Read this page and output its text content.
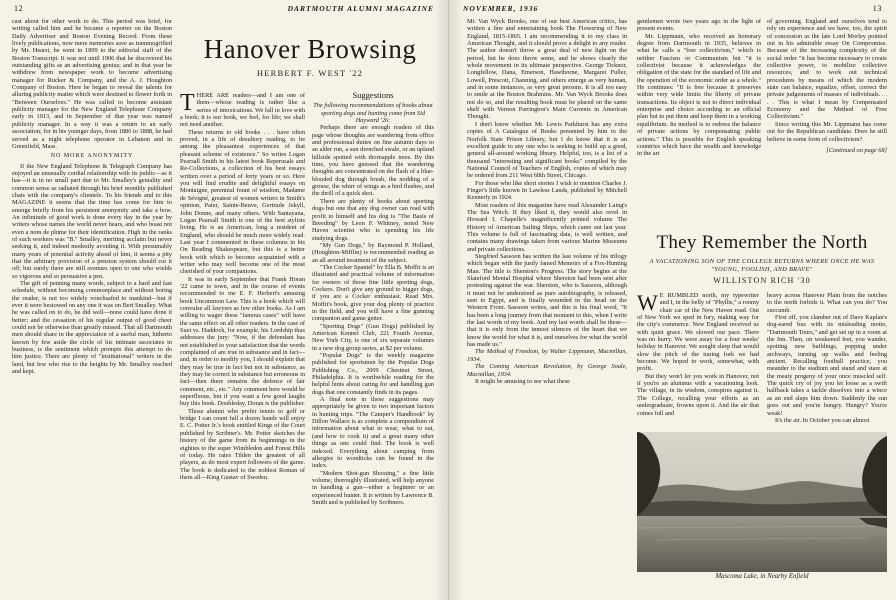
12	DARTMOUTH ALUMNI MAGAZINE

cast about for other work to do. This period was brief, for writing called him and he became a reporter on the Boston Daily Advertiser and Boston Evening Record. From these lively publications, now mere memories save as trammogrified by Mr. Hearst, he went in 1899 to the editorial staff of the Boston Transcript. It was not until 1906 that he discovered his outstanding gifts as an advertising genius; and in that year he withdrew from newspaper work to become advertising manager for Rucker & Company, and the A. J. Houghton Company of Boston. Here he began to reveal the talents for alluring publicity matter which were destined to flower forth in "Between Ourselves." He was called to become assistant publicity manager for the New England Telephone Company early in 1913, and in September of that year was named publicity manager. In a way it was a return to an early association; for in his younger days, from 1886 to 1888, he had served as a night telephone operator in Lebanon and in Greenfield, Mass.

NO MORE ANONYMITY

If the New England Telephone & Telegraph Company has enjoyed an unusually cordial relationship with its public—as it has—it is in no small part due to Mr. Smalley's geniality and common sense as radiated through his brief monthly published chats with the company's clientele. To his friends and to this MAGAZINE it seems that the time has come for him to emerge briefly from his persistent anonymity and take a bow. An infinitude of good work is done every day in the year by writers whose names the world never hears, and who boast not even a nom de plume for their identification. High in the ranks of such workers was "B." Smalley, meriting acclaim but never seeking it, and indeed modestly avoiding it. With presumably many years of potential activity ahead of him, it seems a pity that the arbitrary provision of a pension system should cut it off; but surely there are still avenues open to one who wields so vigorous and so persuasive a pen.

The gift of penning many words, subject to a hard and fast schedule, without becoming commonplace and without boring the reader, is not too widely vouchsafed to mankind—but if ever it were bestowed on any one it was on Bert Smalley. What he was called on to do, he did well—none could have done it better; and the cessation of his regular output of good cheer could not be otherwise than greatly missed. That all Dartmouth men should share in the appreciation of a useful man, hitherto known by few aside the circle of his intimate associates in business, is the sentiment which prompts this attempt to do him justice. There are plenty of "institutional" writers in the land, but few who rise to the heights by Mr. Smalley reached and kept.

Hanover Browsing
HERBERT F. WEST '22

THERE ARE readers—and I am one of them—whose reading is rather like a series of intoxications. We fall in love with a book; it is our book, we feel, for life; we shall not need another.

These returns to old books . . . have often proved, in a life of desultory reading, to be among the pleasantest experiences of that pleasant scheme of existence." So writes Logan Pearsall Smith in his latest book Reperusals and Re-Collections, a collection of his best essays written over a period of forty years or so. Here you will find erudite and delightful essays on Montaigne, perennial fount of wisdom, Madame de Sévigné, greatest of women writers in Smith's opinion, Pater, Sainte-Beuve, Gertrude Jekyll, John Donne, and many others. With Santayana, Logan Pearsall Smith is one of the best stylists living. He is an American, long a resident of England, who should be much more widely read. Last year I commented in these columns in his On Reading Shakespeare, but this is a better book with which to become acquainted with a writer who may well become one of the most cherished of your companions.

It was in early September that Frank Horan '22 came to town, and in the course of events recommended to me E. F. Herbert's amusing book Uncommon Law. This is a book which will convulse all lawyers as few other books. As I am willing to wager these "famous cases" will have the same effect on all other readers. In the case of Suet vs. Haddock, for example, his Lordship thus addresses the jury: "Now, if the defendant has not established to your satisfaction that the words complained of are true in substance and in fact—and, in order to modify you, I should explain that they may be true in fact but not in substance, as they may be correct in substance but erroneous in fact—then there remains the defence of fair comment, etc., etc." Any comment here would be superfluous, but if you want a few good laughs buy this book. Doubleday, Doran is the publisher.

Those alumni who prefer tennis to golf or bridge I can count full a dozen hands will enjoy E. C. Potter Jr.'s book entitled Kings of the Court published by Scribner's. Mr. Potter sketches the history of the game from its beginnings in the eighties to the super Wimbledon and Forest Hills of today. He rates Tilden the greatest of all players, as do most expert followers of the game. The book is dedicated to the noblest Roman of them all—King Gustav of Sweden.

Suggestions

The following recommendations of books about sporting dogs and hunting come from Sid Hayward '26:

Perhaps there are enough readers of this page whose thoughts are wandering from office and professional duties on fine autumn days to an alder run, a sun drenched swale, or an upland hillside spotted with thornapple trees. By this time, you have guessed that the wandering thoughts are concentrated on the flash of a blue-blooded dog through brush, the nodding of a grouse, the whirr of wings as a bird flushes, and the thrill of a quick shot.

There are plenty of books about sporting dogs but one that any dog owner can read with profit to himself and his dog is "The Basis of Breeding" by Leon F. Whitney, noted New Haven scientist who is spending his life studying dogs.

"My Gun Dogs," by Raymond P. Holland, (Houghton-Mifflin) is recommended reading as an all around treatment of the subject.

"The Cocker Spaniel" by Ella B. Moffit is an illustrated and practical volume of information for owners of those fine little sporting dogs, Cockers. Don't give any ground to bigger dogs, if you are a Cocker enthusiast. Read Mrs. Moffit's book, give your dog plenty of practice in the field, and you will have a fine gunning companion and game getter.

"Sporting Dogs" (Gun Dogs) published by American Kennel Club, 221 Fourth Avenue, New York City, is one of six separate volumes in a new dog group series, at $2 per volume.

"Popular Dogs" is the weekly magazine published for sportsmen by the Popular Dogs Publishing Co., 2009 Chestnut Street, Philadelphia. It is worthwhile reading for the helpful hints about caring for and handling gun dogs that one constantly finds in its pages.

A final note in these suggestions may appropriately be given to two important factors in hunting trips. "The Camper's Handbook" by Dillon Wallace is as complete a compendium of information about what to wear, what to eat, (and how to cook it) and a great many other things as one could find. The book is well indexed. Everything about camping from allergies to woodticks can be found in the index.

"Modern Shot-gun Shooting," a fine little volume, thoroughly illustrated, will help anyone in handling a gun—either a beginner or an experienced hunter. It is written by Lawrence B. Smith and is published by Scribners.

NOVEMBER, 1936	13

Mr. Van Wyck Brooks, one of our best American critics, has written a fine and entertaining book The Flowering of New England, 1815-1865. I am recommending it to my class in American Thought, and it should prove a delight to any reader. The author doesn't throw a great deal of new light on the period, but he does throw some, and he shows clearly the whole movement in its ultimate perspective. George Ticknor, Longfellow, Dana, Emerson, Hawthorne, Margaret Fuller, Lowell, Prescott, Channing, and others emerge as very human, and in some instances, as very great persons. It is all too easy to smile at the Boston Brahmins. Mr. Van Wyck Brooks does not do so, and the resulting book must be placed on the same shelf with Vernon Parrington's Main Currents in American Thought.

I don't know whether Mr. Lewis Parkhurst has any extra copies of A Catalogue of Books presented by him to the Norfolk State Prison Library, but I do know that it is an excellent guide to any one who is seeking to build up a good, general all-around working library. Helpful, too, is a list of a thousand "interesting and significant books" compiled by the National Council of Teachers of English, copies of which may be ordered from 211 West 68th Street, Chicago.

For those who like short stories I wish to mention Charles J. Finger's little known In Lawless Lands, published by Mitchell Kennerly in 1924.

Most readers of this magazine have read Alexander Laing's The Sea Witch. If they liked it, they would also revel in Howard I. Chapelle's magnificently printed volume The History of American Sailing Ships, which came out last year. This volume is full of fascinating data, is well written, and contains many drawings taken from various Marine Museums and private collections.

Siegfried Sassoon has written the last volume of his trilogy which began with the justly famed Memoirs of a Fox-Hunting Man. The title is Sherston's Progress. The story begins at the Slateford Mental Hospital where Sherston had been sent after protesting against the war. Sherston, who is Sassoon, although it must not be understood as pure autobiography, is released, sent to Egypt, and is finally wounded in the head on the Western Front. Sassoon writes, and this is his final word, "It has been a long journey from that moment to this, when I write the last words of my book. And my last words shall be these—that it is only from the inmost silences of the heart that we know the world for what it is, and ourselves for what the world has made us."

The Method of Freedom, by Walter Lippmann, Macmillan, 1934.

The Coming American Revolution, by George Soule, Macmillan, 1934.

It might be amusing to see what these

gentlemen wrote two years ago in the light of present events.

Mr. Lippmann, who received an honorary degree from Dartmouth in 1935, believes in what he calls a "free collectivism," which is neither Fascism or Communism but "it is collectivist because it acknowledges the obligation of the state for the standard of life and the operation of the economic order as a whole." He continues: "It is free because it preserves within very wide limits the liberty of private transactions. Its object is not to direct individual enterprise and choice according to an official plan but to put them and keep them in a working equilibrium. Its method is to redress the balance of private actions by compensating public actions." This is possible for English speaking countries which have the wealth and knowledge in the art

of governing. England and ourselves tend to rely on experience and we have, too, the spirit of concession as the late Lord Morley pointed out in his admirable essay On Compromise. Because of the increasing complexity of the social order "it has become necessary to create collective power, to mobilize collective resources, and to work out technical procedures by means of which the modern state can balance, equalize, offset, correct the private judgements of masses of individuals. . . . . This is what I mean by Compensated Economy and the Method of Free Collectivism."

Since writing this Mr. Lippmann has come out for the Republican candidate. Does he still believe in some form of collectivism?

[Continued on page 68]

They Remember the North
A VACATIONING SON OF THE COLLEGE RETURNS WHERE ONCE HE WAS "YOUNG, FOOLISH, AND BRAVE"
WILLISTON RICH '30

W E RUMBLED north, my typewriter and I, in the belly of "Phyllis," a roomy chair car of the New Haven road. Out of New York we sped in fury, making way for the city's commerce. New England received us with quiet grace. We slowed our pace. There was no hurry. We were away for a four weeks' holiday in Hanover. We sought sleep that would slow the pitch of the tuning fork we had become. We hoped to work, somewhat, with profit.

But they won't let you work in Hanover, not if you're an alumnus with a vacationing look. The village, in its wisdom, conspires against it. The College, recalling your efforts as an undergraduate, frowns upon it. And the air that comes full and

heavy across Hanover Plain from the notches to the north forbids it. What can you do? You succumb.

First off, you clamber out of Dave Kaplan's dog-eared bus with its misleading motto, "Dartmouth Tours," and get set up in a room at the Inn. Then, on weakened feet, you wander, spotting new buildings, popping under archways, turning up walks and feeling ancient. Recalling football practice, you meander to the stadium and stand and stare at the meaty progeny of your once muscled self. The quick cry of joy you let loose as a swift halfback takes a tackle dissolves into a wince as an end slaps him down. Suddenly the sun goes out and you're hungry. Hungry? You're weak!

It's the air. In October you can almost

Mascoma Lake, in Nearby Enfield
